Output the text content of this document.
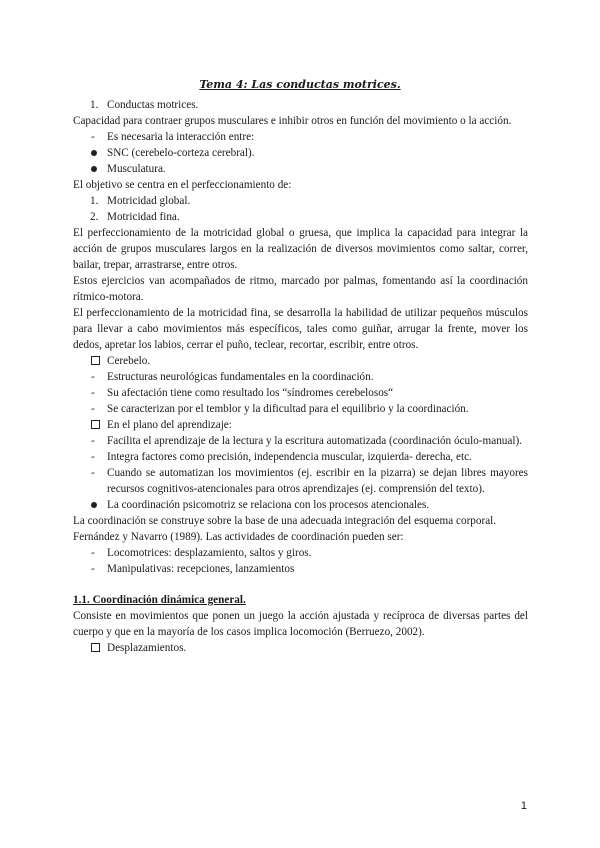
Tema 4: Las conductas motrices.
1. Conductas motrices.

Capacidad para contraer grupos musculares e inhibir otros en función del movimiento o la acción.

- Es necesaria la interacción entre:
SNC (cerebelo-corteza cerebral).
Musculatura.

El objetivo se centra en el perfeccionamiento de:

1. Motricidad global.
2. Motricidad fina.

El perfeccionamiento de la motricidad global o gruesa, que implica la capacidad para integrar la acción de grupos musculares largos en la realización de diversos movimientos como saltar, correr, bailar, trepar, arrastrarse, entre otros.

Estos ejercicios van acompañados de ritmo, marcado por palmas, fomentando así la coordinación rítmico-motora.

El perfeccionamiento de la motricidad fina, se desarrolla la habilidad de utilizar pequeños músculos para llevar a cabo movimientos más específicos, tales como guiñar, arrugar la frente, mover los dedos, apretar los labios, cerrar el puño, teclear, recortar, escribir, entre otros.

Cerebelo.
- Estructuras neurológicas fundamentales en la coordinación.
- Su afectación tiene como resultado los “síndromes cerebelosos“
- Se caracterizan por el temblor y la dificultad para el equilibrio y la coordinación.
En el plano del aprendizaje:
- Facilita el aprendizaje de la lectura y la escritura automatizada (coordinación óculo-manual).
- Integra factores como precisión, independencia muscular, izquierda- derecha, etc.
- Cuando se automatizan los movimientos (ej. escribir en la pizarra) se dejan libres mayores recursos cognitivos-atencionales para otros aprendizajes (ej. comprensión del texto).
La coordinación psicomotriz se relaciona con los procesos atencionales.

La coordinación se construye sobre la base de una adecuada integración del esquema corporal.

Fernández y Navarro (1989). Las actividades de coordinación pueden ser:

- Locomotrices: desplazamiento, saltos y giros.
- Manipulativas: recepciones, lanzamientos

1.1. Coordinación dinámica general.

Consiste en movimientos que ponen un juego la acción ajustada y recíproca de diversas partes del cuerpo y que en la mayoría de los casos implica locomoción (Berruezo, 2002).

Desplazamientos.
1
